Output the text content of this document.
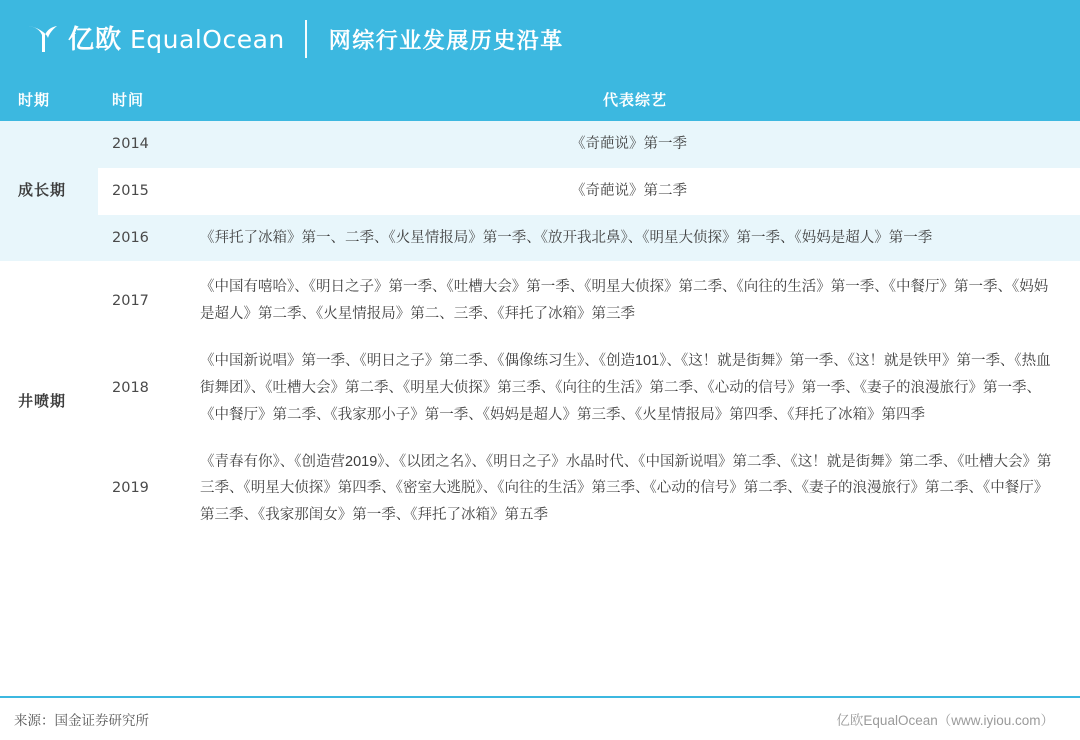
亿欧 EqualOcean 网综行业发展历史沿革
时期	时间	代表综艺
成长期	2014	《奇葩说》第一季
	2015	《奇葩说》第二季
	2016	《拜托了冰箱》第一、二季、《火星情报局》第一季、《放开我北鼻》、《明星大侦探》第一季、《妈妈是超人》第一季

井喷期	2017	《中国有嘻哈》、《明日之子》第一季、《吐槽大会》第一季、《明星大侦探》第二季、《向往的生活》第一季、《中餐厅》第一季、《妈妈是超人》第二季、《火星情报局》第二、三季、《拜托了冰箱》第三季
	2018	《中国新说唱》第一季、《明日之子》第二季、《偶像练习生》、《创造101》、《这！就是街舞》第一季、《这！就是铁甲》第一季、《热血街舞团》、《吐槽大会》第二季、《明星大侦探》第三季、《向往的生活》第二季、《心动的信号》第一季、《妻子的浪漫旅行》第一季、《中餐厅》第二季、《我家那小子》第一季、《妈妈是超人》第三季、《火星情报局》第四季、《拜托了冰箱》第四季
	2019	《青春有你》、《创造营2019》、《以团之名》、《明日之子》水晶时代、《中国新说唱》第二季、《这！就是街舞》第二季、《吐槽大会》第三季、《明星大侦探》第四季、《密室大逃脱》、《向往的生活》第三季、《心动的信号》第二季、《妻子的浪漫旅行》第二季、《中餐厅》第三季、《我家那闺女》第一季、《拜托了冰箱》第五季
来源：国金证券研究所	亿欧EqualOcean（www.iyiou.com）
